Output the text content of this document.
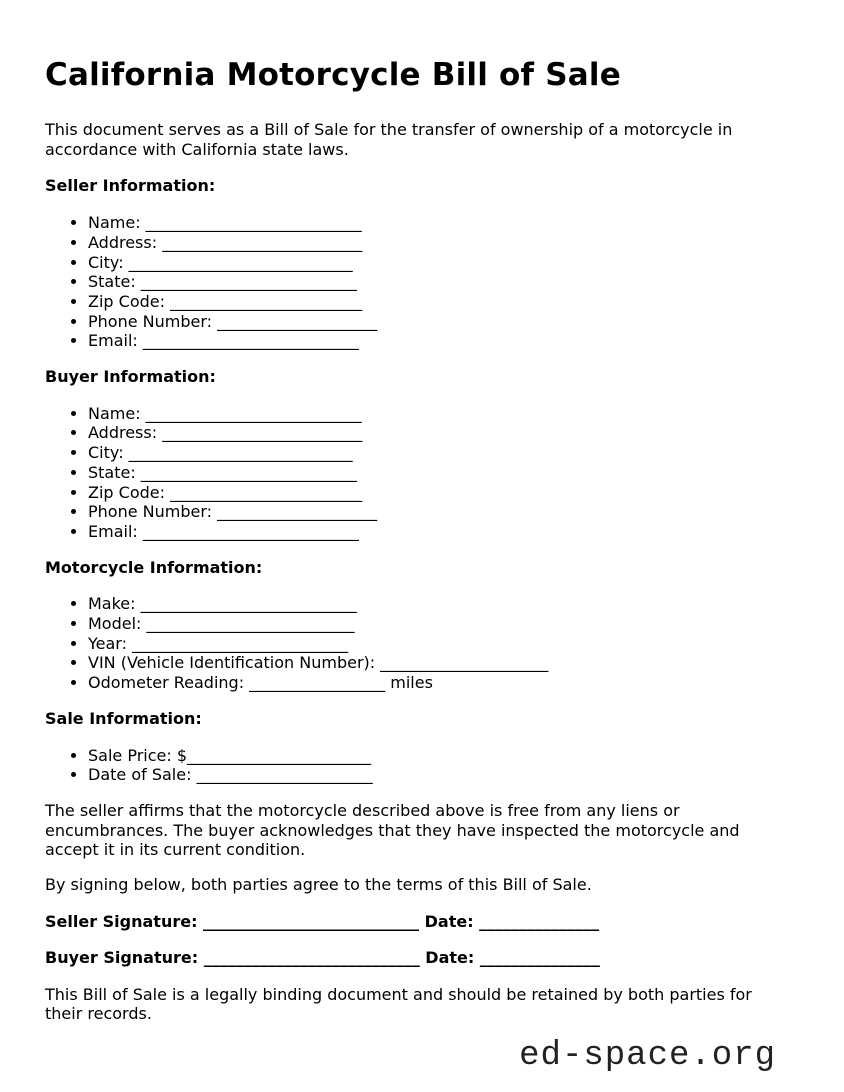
California Motorcycle Bill of Sale

This document serves as a Bill of Sale for the transfer of ownership of a motorcycle in
accordance with California state laws.

Seller Information:
• Name: ___________________________
• Address: _________________________
• City: ____________________________
• State: ___________________________
• Zip Code: ________________________
• Phone Number: ____________________
• Email: ___________________________
Buyer Information:
• Name: ___________________________
• Address: _________________________
• City: ____________________________
• State: ___________________________
• Zip Code: ________________________
• Phone Number: ____________________
• Email: ___________________________
Motorcycle Information:
• Make: ___________________________
• Model: __________________________
• Year: ___________________________
• VIN (Vehicle Identification Number): _____________________
• Odometer Reading: _________________ miles
Sale Information:
• Sale Price: $_______________________
• Date of Sale: ______________________

The seller affirms that the motorcycle described above is free from any liens or
encumbrances. The buyer acknowledges that they have inspected the motorcycle and
accept it in its current condition.

By signing below, both parties agree to the terms of this Bill of Sale.

Seller Signature: ___________________________ Date: _______________

Buyer Signature: ___________________________ Date: _______________

This Bill of Sale is a legally binding document and should be retained by both parties for
their records.

ed-space.org
